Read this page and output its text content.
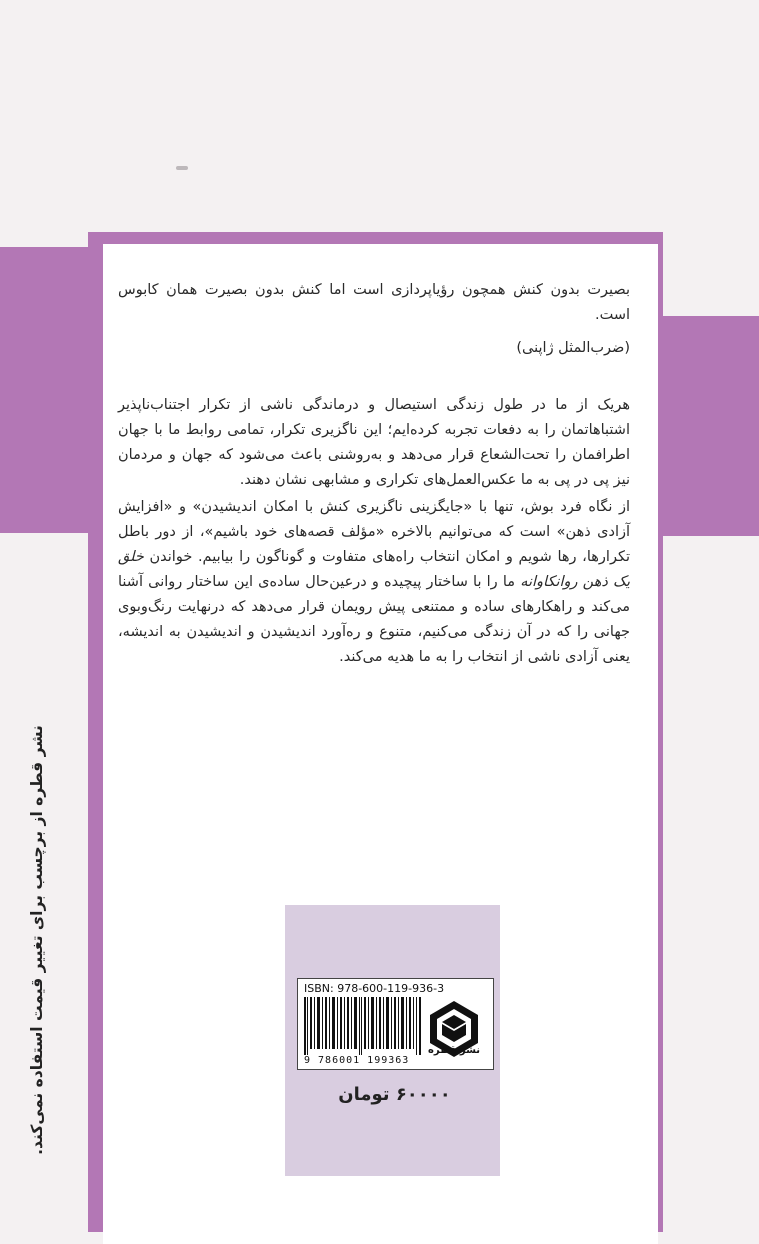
بصیرت بدون کنش همچون رؤیاپردازی است اما کنش بدون بصیرت همان کابوس است.

(ضرب‌المثل ژاپنی)

هریک از ما در طول زندگی استیصال و درماندگی ناشی از تکرار اجتناب‌ناپذیر اشتباهاتمان را به دفعات تجربه کرده‌ایم؛ این ناگزیری تکرار، تمامی روابط ما با جهان اطرافمان را تحت‌الشعاع قرار می‌دهد و به‌روشنی باعث می‌شود که جهان و مردمان نیز پی‌ در پی به ما عکس‌العمل‌های تکراری و مشابهی نشان دهند.

از نگاه فرد بوش، تنها با «جایگزینی ناگزیری کنش با امکان اندیشیدن» و «افزایش آزادی ذهن» است که می‌توانیم بالاخره «مؤلف قصه‌های خود باشیم»، از دور باطل تکرارها، رها شویم و امکان انتخاب راه‌های متفاوت و گوناگون را بیابیم. خواندن خلق یک ذهن روانکاوانه ما را با ساختار پیچیده و درعین‌حال ساده‌ی این ساختار روانی آشنا می‌کند و راهکارهای ساده و ممتنعی پیش رویمان قرار می‌دهد که درنهایت رنگ‌وبوی جهانی را که در آن زندگی می‌کنیم، متنوع و ره‌آورد اندیشیدن و اندیشیدن به اندیشه، یعنی آزادی ناشی از انتخاب را به ما هدیه می‌کند.

ISBN: 978-600-119-936-3
9 786001 199363
نشر قطره
۶۰۰۰۰ تومان
نشر قطره از برچسب برای تغییر قیمت استفاده نمی‌کند.
